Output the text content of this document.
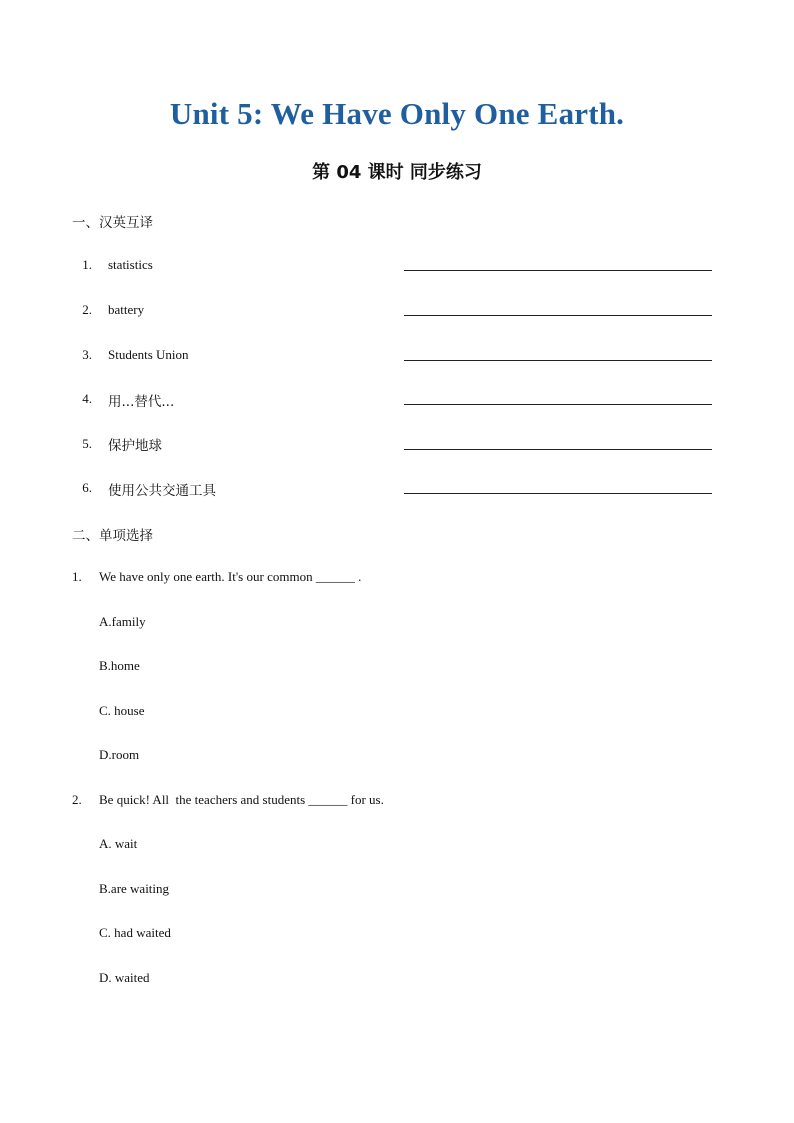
Unit 5: We Have Only One Earth.
第 04 课时 同步练习
一、汉英互译
1. statistics
2. battery
3. Students Union
4. 用...替代...
5. 保护地球
6. 使用公共交通工具
二、单项选择
1. We have only one earth. It's our common ______ .
A.family
B.home
C. house
D.room
2. Be quick! All  the teachers and students ______ for us.
A. wait
B.are waiting
C. had waited
D. waited
